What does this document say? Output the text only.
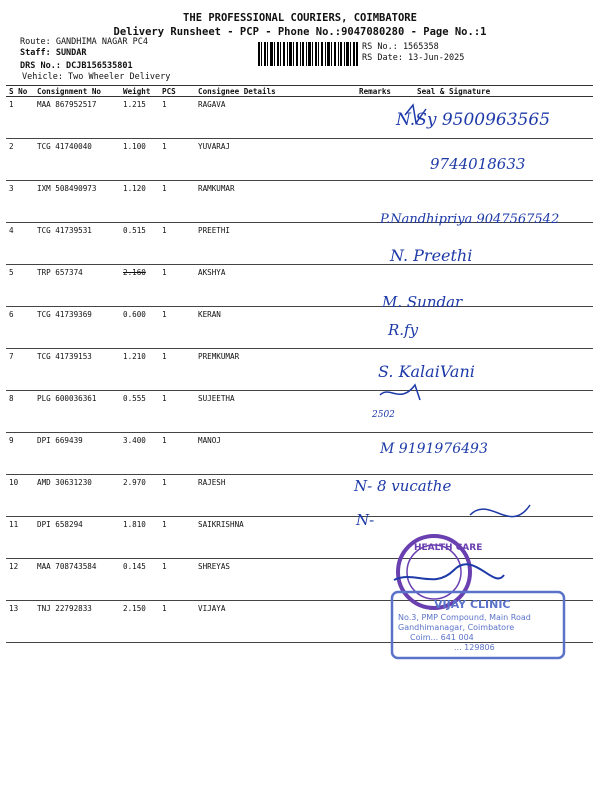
THE PROFESSIONAL COURIERS, COIMBATORE
Delivery Runsheet - PCP - Phone No.:9047080280 - Page No.:1
Route: GANDHIMA NAGAR PC4
Staff: SUNDAR
DRS No.: DCJB156535801
Vehicle: Two Wheeler Delivery
RS No.: 1565358
RS Date: 13-Jun-2025
S No	Consignment No	Weight	PCS	Consignee Details	Remarks	Seal & Signature
1	MAA 867952517	1.215	1	RAGAVA		
2	TCG 41740040	1.100	1	YUVARAJ		
3	IXM 508490973	1.120	1	RAMKUMAR		
4	TCG 41739531	0.515	1	PREETHI		
5	TRP 657374	2.160	1	AKSHYA		
6	TCG 41739369	0.600	1	KERAN		
7	TCG 41739153	1.210	1	PREMKUMAR		
8	PLG 600036361	0.555	1	SUJEETHA		
9	DPI 669439	3.400	1	MANOJ		
10	AMD 30631230	2.970	1	RAJESH		
11	DPI 658294	1.810	1	SAIKRISHNA		
12	MAA 708743584	0.145	1	SHREYAS		
13	TNJ 22792833	2.150	1	VIJAYA		
HEALTH CARE
VIJAY CLINIC
No.3, PMP Compound, Main Road
Gandhimanagar, Coimbatore
Coim... 641 004
... 129806
N.Sy 9500963565
9744018633
P.Nandhipriya 9047567542
N. Preethi
M. Sundar
R.fy
S. KalaiVani
2502
M 9191976493
N- 8 vucathe
N-
